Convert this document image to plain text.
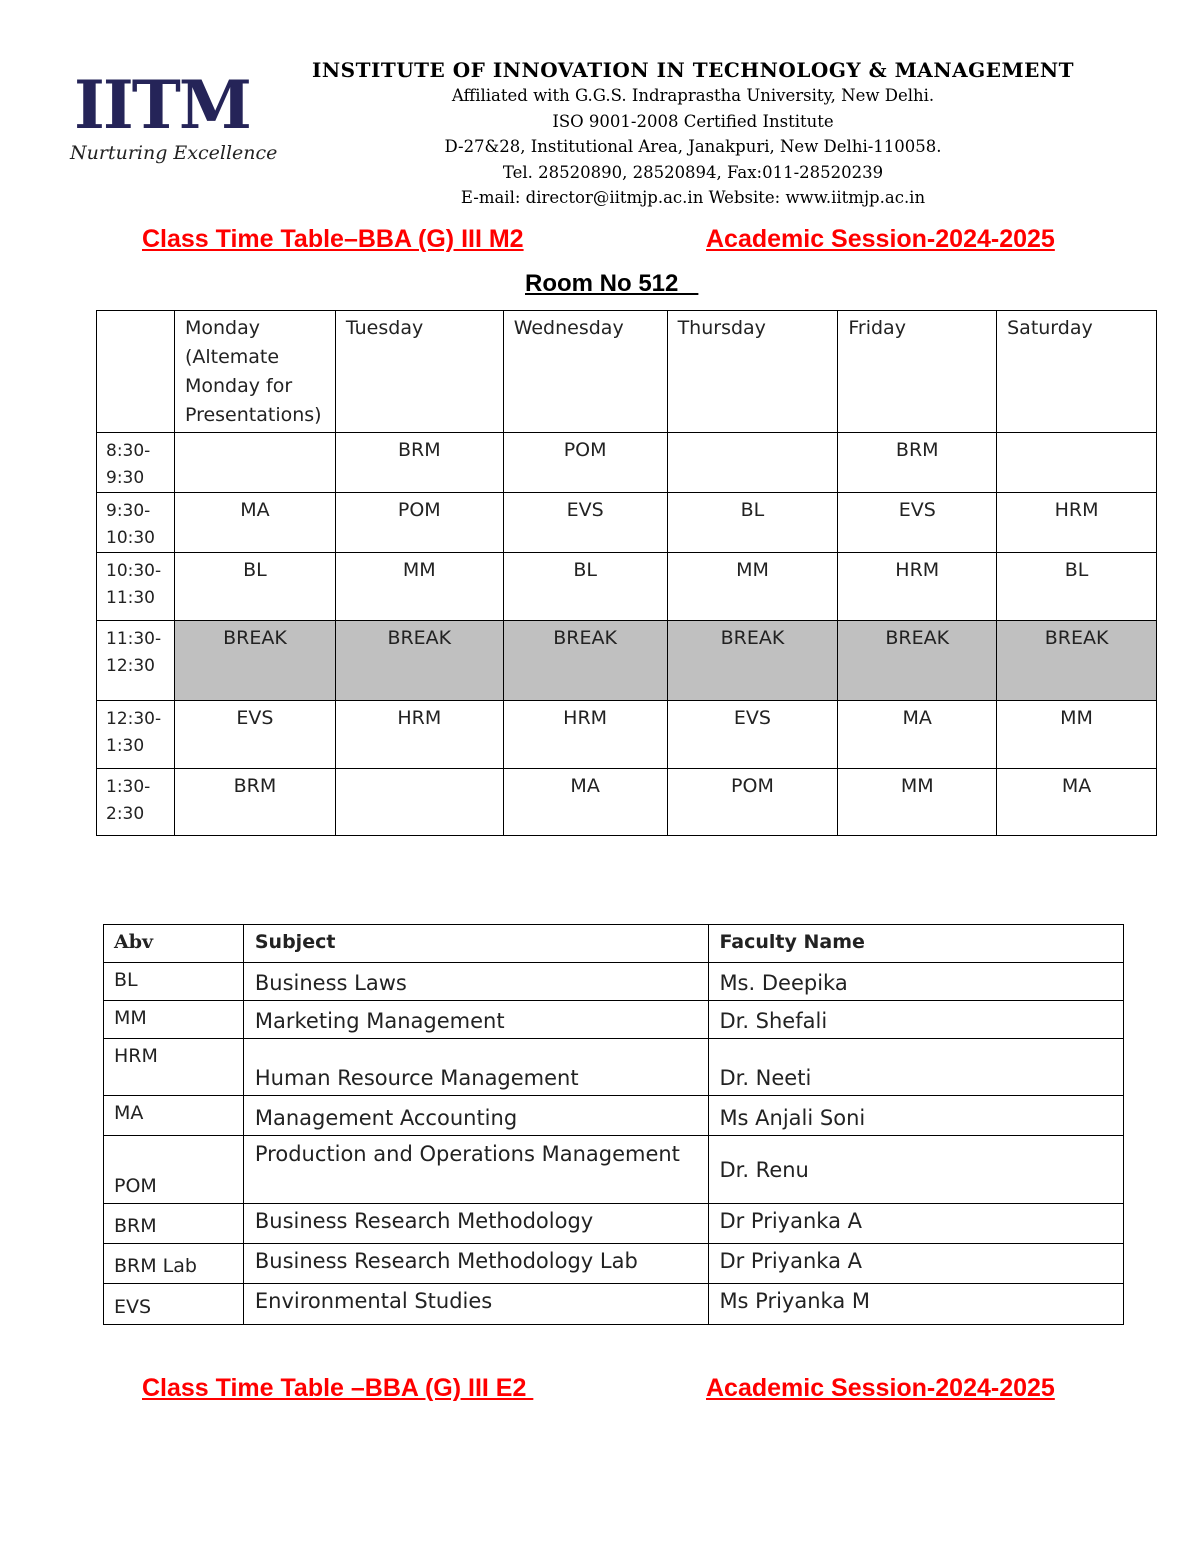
IITM
Nurturing Excellence
INSTITUTE OF INNOVATION IN TECHNOLOGY & MANAGEMENT
Affiliated with G.G.S. Indraprastha University, New Delhi.
ISO 9001-2008 Certified Institute
D-27&28, Institutional Area, Janakpuri, New Delhi-110058.
Tel. 28520890, 28520894, Fax:011-28520239
E-mail: director@iitmjp.ac.in Website: www.iitmjp.ac.in
Class Time Table–BBA (G) III M2	Academic Session-2024-2025
Room No 512

	Monday (Altemate Monday for Presentations)	Tuesday	Wednesday	Thursday	Friday	Saturday

8:30-9:30		BRM	POM		BRM	
9:30-10:30	MA	POM	EVS	BL	EVS	HRM
10:30-11:30	BL	MM	BL	MM	HRM	BL
11:30-12:30	BREAK	BREAK	BREAK	BREAK	BREAK	BREAK
12:30-1:30	EVS	HRM	HRM	EVS	MA	MM
1:30-2:30	BRM		MA	POM	MM	MA
Abv	Subject	Faculty Name
BL	Business Laws	Ms. Deepika
MM	Marketing Management	Dr. Shefali
HRM	Human Resource Management	Dr. Neeti
MA	Management Accounting	Ms Anjali Soni
POM	Production and Operations Management	Dr. Renu
BRM	Business Research Methodology	Dr Priyanka A
BRM Lab	Business Research Methodology Lab	Dr Priyanka A
EVS	Environmental Studies	Ms Priyanka M
Class Time Table –BBA (G) III E2	Academic Session-2024-2025
